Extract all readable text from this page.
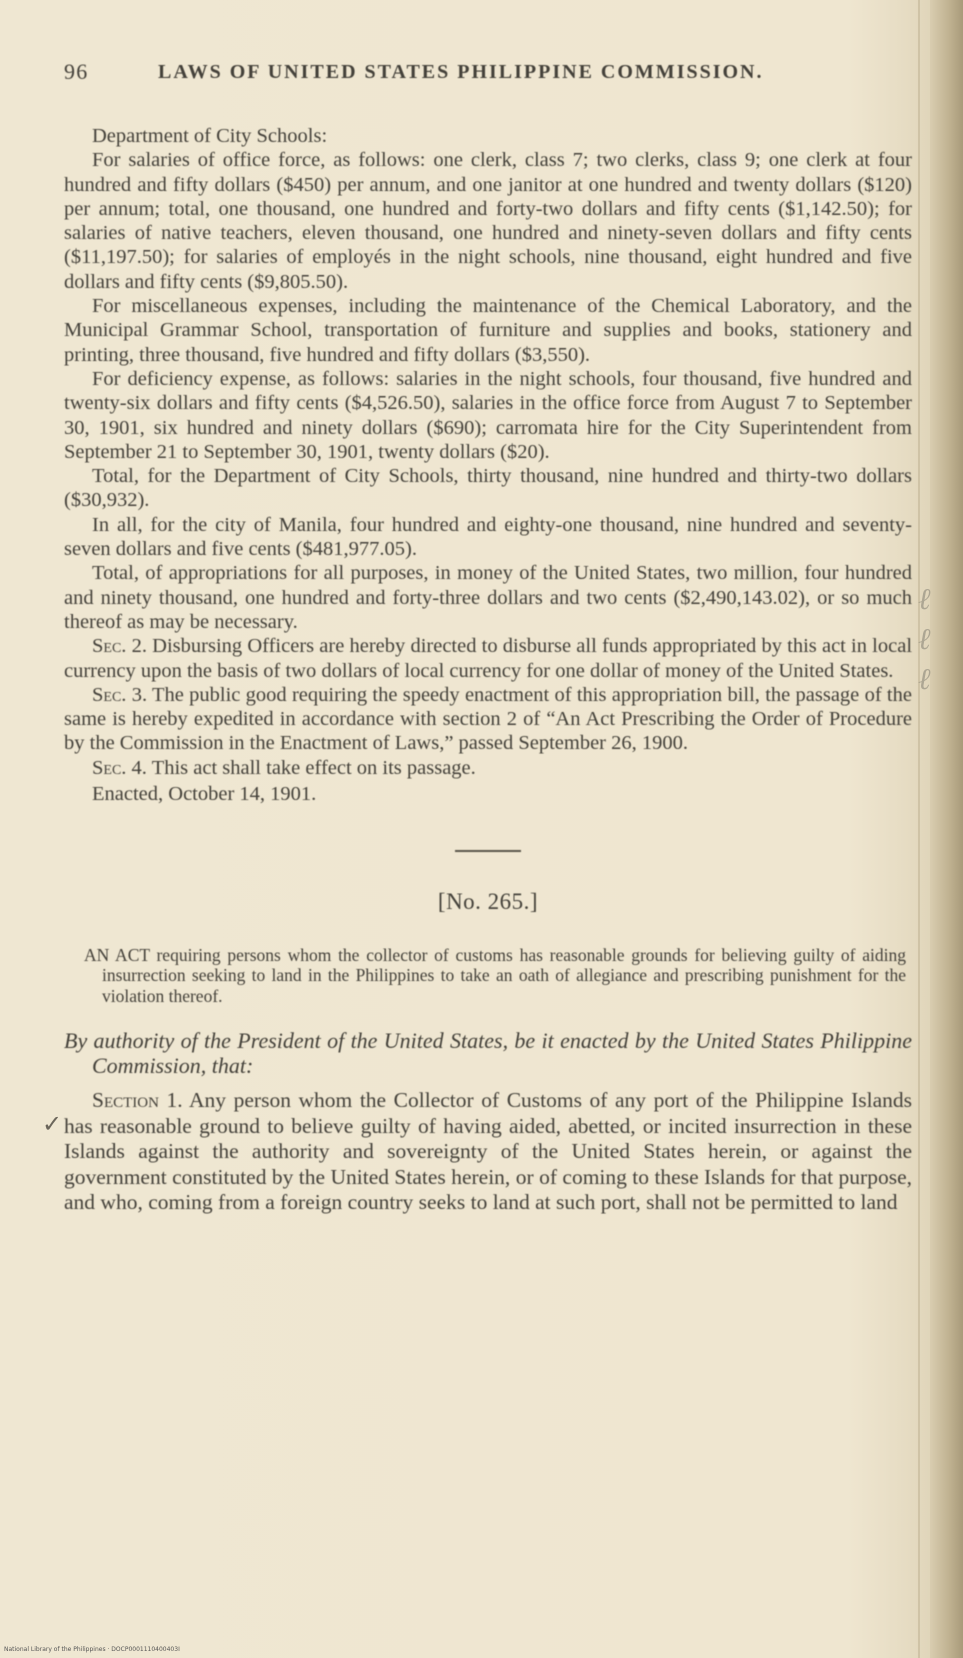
96	LAWS OF UNITED STATES PHILIPPINE COMMISSION.

Department of City Schools:

For salaries of office force, as follows: one clerk, class 7; two clerks, class 9; one clerk at four hundred and fifty dollars ($450) per annum, and one janitor at one hundred and twenty dollars ($120) per annum; total, one thousand, one hundred and forty-two dollars and fifty cents ($1,142.50); for salaries of native teachers, eleven thousand, one hundred and ninety-seven dollars and fifty cents ($11,197.50); for salaries of employés in the night schools, nine thousand, eight hundred and five dollars and fifty cents ($9,805.50).

For miscellaneous expenses, including the maintenance of the Chemical Laboratory, and the Municipal Grammar School, transportation of furniture and supplies and books, stationery and printing, three thousand, five hundred and fifty dollars ($3,550).

For deficiency expense, as follows: salaries in the night schools, four thousand, five hundred and twenty-six dollars and fifty cents ($4,526.50), salaries in the office force from August 7 to September 30, 1901, six hundred and ninety dollars ($690); carromata hire for the City Superintendent from September 21 to September 30, 1901, twenty dollars ($20).

Total, for the Department of City Schools, thirty thousand, nine hundred and thirty-two dollars ($30,932).

In all, for the city of Manila, four hundred and eighty-one thousand, nine hundred and seventy-seven dollars and five cents ($481,977.05).

Total, of appropriations for all purposes, in money of the United States, two million, four hundred and ninety thousand, one hundred and forty-three dollars and two cents ($2,490,143.02), or so much thereof as may be necessary.

Sec. 2. Disbursing Officers are hereby directed to disburse all funds appropriated by this act in local currency upon the basis of two dollars of local currency for one dollar of money of the United States.

Sec. 3. The public good requiring the speedy enactment of this appropriation bill, the passage of the same is hereby expedited in accordance with section 2 of “An Act Prescribing the Order of Procedure by the Commission in the Enactment of Laws,” passed September 26, 1900.

Sec. 4. This act shall take effect on its passage.

Enacted, October 14, 1901.

[No. 265.]
AN ACT requiring persons whom the collector of customs has reasonable grounds for believing guilty of aiding insurrection seeking to land in the Philippines to take an oath of allegiance and prescribing punishment for the violation thereof.
By authority of the President of the United States, be it enacted by the United States Philippine Commission, that:

Section 1. Any person whom the Collector of Customs of any port of the Philippine Islands has reasonable ground to believe guilty of having aided, abetted, or incited insurrection in these Islands against the authority and sovereignty of the United States herein, or against the government constituted by the United States herein, or of coming to these Islands for that purpose, and who, coming from a foreign country seeks to land at such port, shall not be permitted to land

✓
ℓ
ℓ
ℓ
National Library of the Philippines · DOCP0001110400403I
